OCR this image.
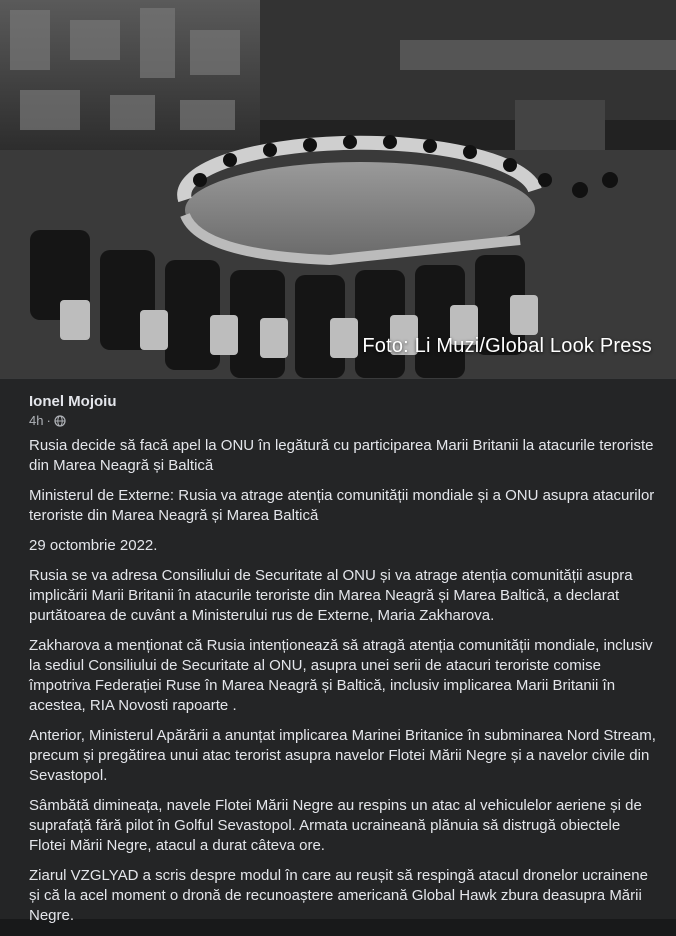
Foto: Li Muzi/Global Look Press
Ionel Mojoiu
4h ·

Rusia decide să facă apel la ONU în legătură cu participarea Marii Britanii la atacurile teroriste din Marea Neagră și Baltică

Ministerul de Externe: Rusia va atrage atenția comunității mondiale și a ONU asupra atacurilor teroriste din Marea Neagră și Marea Baltică

29 octombrie 2022.

Rusia se va adresa Consiliului de Securitate al ONU și va atrage atenția comunității asupra implicării Marii Britanii în atacurile teroriste din Marea Neagră și Marea Baltică, a declarat purtătoarea de cuvânt a Ministerului rus de Externe, Maria Zakharova.

Zakharova a menționat că Rusia intenționează să atragă atenția comunității mondiale, inclusiv la sediul Consiliului de Securitate al ONU, asupra unei serii de atacuri teroriste comise împotriva Federației Ruse în Marea Neagră și Baltică, inclusiv implicarea Marii Britanii în acestea, RIA Novosti rapoarte .

Anterior, Ministerul Apărării a anunțat implicarea Marinei Britanice în subminarea Nord Stream, precum și pregătirea unui atac terorist asupra navelor Flotei Mării Negre și a navelor civile din Sevastopol.

Sâmbătă dimineața, navele Flotei Mării Negre au respins un atac al vehiculelor aeriene și de suprafață fără pilot în Golful Sevastopol. Armata ucraineană plănuia să distrugă obiectele Flotei Mării Negre, atacul a durat câteva ore.

Ziarul VZGLYAD a scris despre modul în care au reușit să respingă atacul dronelor ucrainene și că la acel moment o dronă de recunoaștere americană Global Hawk zbura deasupra Mării Negre.
